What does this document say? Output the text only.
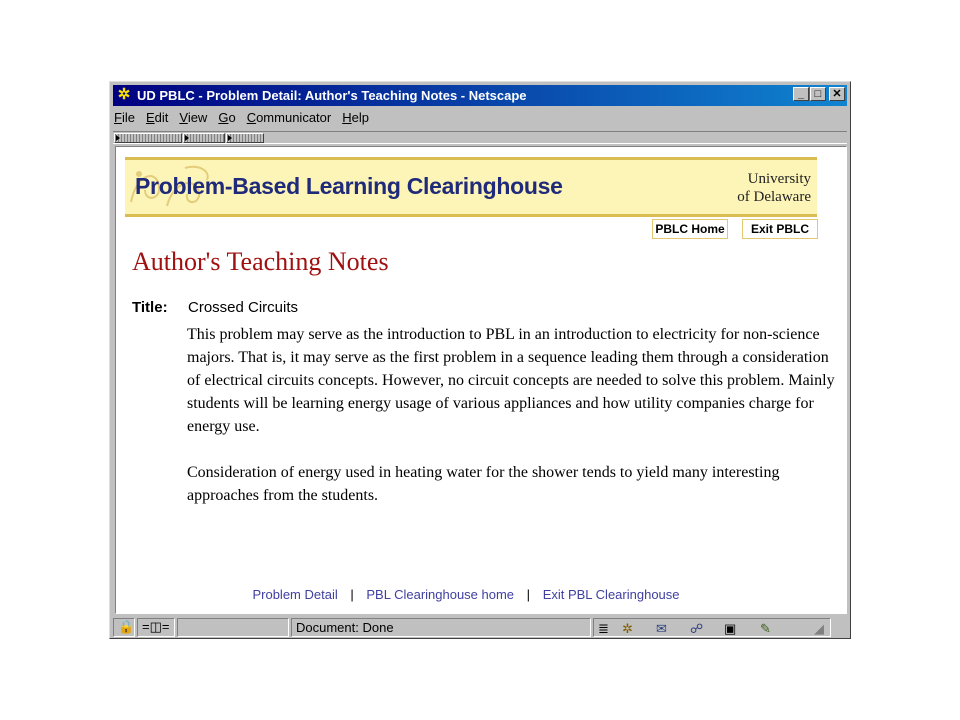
✲ UD PBLC - Problem Detail: Author's Teaching Notes - Netscape	_ □	✕
File Edit View Go Communicator Help
Problem-Based Learning Clearinghouse	University
of Delaware
PBLC Home	Exit PBLC
Author's Teaching Notes
Title: Crossed Circuits

This problem may serve as the introduction to PBL in an introduction to electricity for non-science majors. That is, it may serve as the first problem in a sequence leading them through a consideration of electrical circuits concepts. However, no circuit concepts are needed to solve this problem. Mainly students will be learning energy usage of various appliances and how utility companies charge for energy use.

Consideration of energy used in heating water for the shower tends to yield many interesting approaches from the students.

Problem Detail | PBL Clearinghouse home | Exit PBL Clearinghouse
🔒 =◫=	Document: Done	≣ ✲ ✉ ☍ ▣ ✎	◢
